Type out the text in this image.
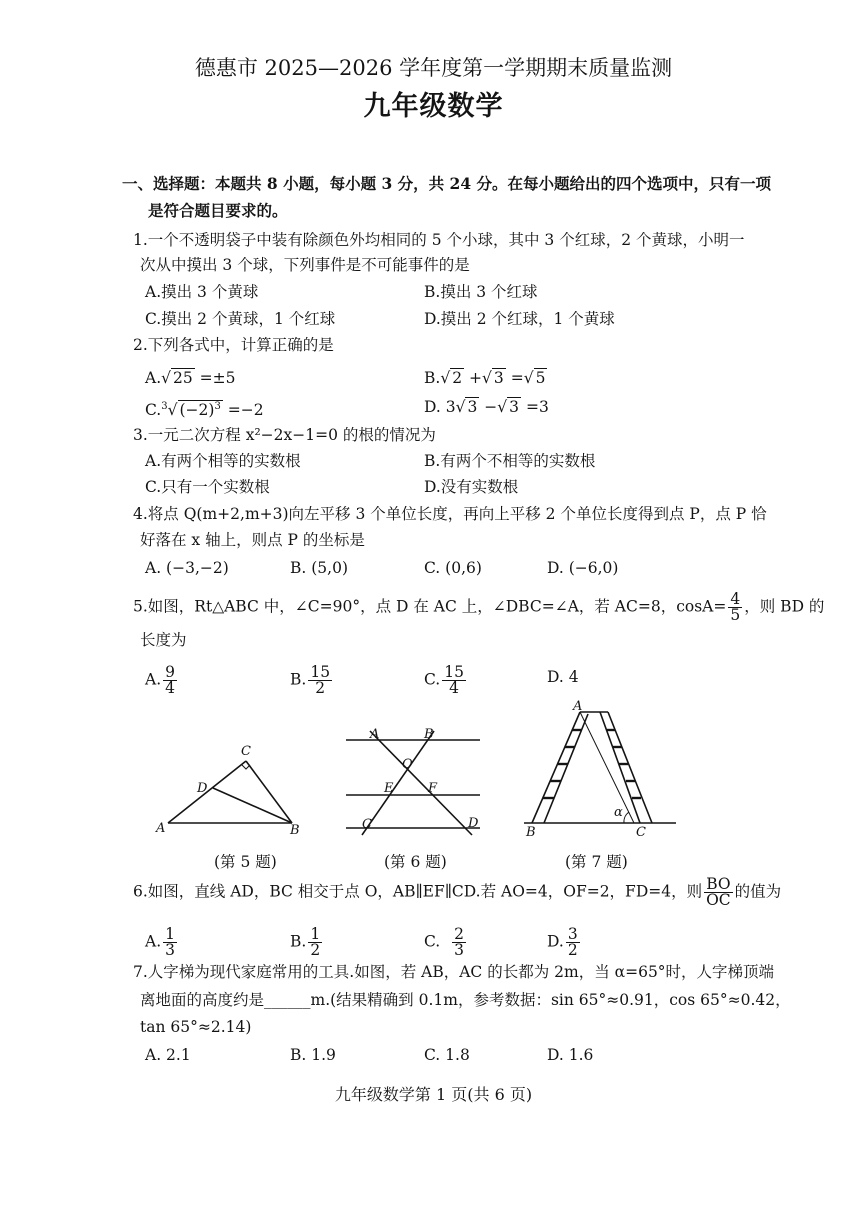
德惠市 2025—2026 学年度第一学期期末质量监测
九年级数学
一、选择题：本题共 8 小题，每小题 3 分，共 24 分。在每小题给出的四个选项中，只有一项
是符合题目要求的。
1.一个不透明袋子中装有除颜色外均相同的 5 个小球，其中 3 个红球，2 个黄球，小明一
次从中摸出 3 个球，下列事件是不可能事件的是
A.摸出 3 个黄球	B.摸出 3 个红球
C.摸出 2 个黄球，1 个红球	D.摸出 2 个红球，1 个黄球
2.下列各式中，计算正确的是
A.√ 25 =±5	B.√ 2 +√ 3 =√ 5
C.$^3$√ $(-2)^3 =-2$	D. 3√ 3 −√ 3 =3
3.一元二次方程 x²−2x−1=0 的根的情况为
A.有两个相等的实数根	B.有两个不相等的实数根
C.只有一个实数根	D.没有实数根
4.将点 Q(m+2,m+3)向左平移 3 个单位长度，再向上平移 2 个单位长度得到点 P，点 P 恰
好落在 x 轴上，则点 P 的坐标是
A. (−3,−2)	B. (5,0)	C. (0,6)	D. (−6,0)
5.如图，Rt△ABC 中，∠C=90°，点 D 在 AC 上，∠DBC=∠A，若 AC=8，$\cos A= \frac{4}{5}$ ，则 BD 的
长度为
A. $\frac{9}{4}$	B. $\frac{15}{2}$	C. $\frac{15}{4}$	D. 4
A	B
C
D
(第 5 题)
A	B
O
E	F
C	D
(第 6 题)
A
B	C
α
(第 7 题)
6.如图，直线 AD，BC 相交于点 O，AB∥EF∥CD.若 AO=4，OF=2，FD=4，则 $\frac{BO}{OC}$ 的值为
A. $\frac{1}{3}$	B. $\frac{1}{2}$	C. $\frac{2}{3}$	D. $\frac{3}{2}$
7.人字梯为现代家庭常用的工具.如图，若 AB，AC 的长都为 2m，当 α=65°时，人字梯顶端
离地面的高度约是______m.(结果精确到 0.1m，参考数据：sin 65°≈0.91，cos 65°≈0.42，
tan 65°≈2.14)
A. 2.1	B. 1.9	C. 1.8	D. 1.6
九年级数学第 1 页(共 6 页)
